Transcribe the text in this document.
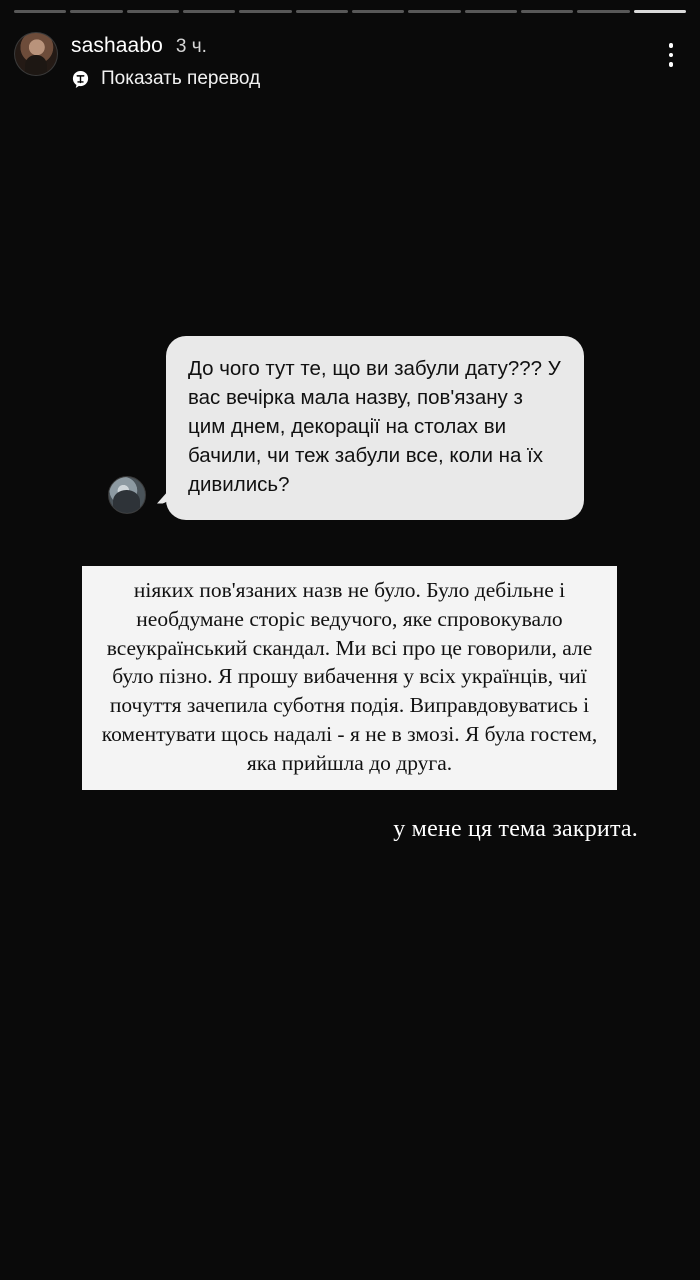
sashaabo 3 ч.
Показать перевод
До чого тут те, що ви забули дату??? У вас вечірка мала назву, пов'язану з цим днем, декорації на столах ви бачили, чи теж забули все, коли на їх дивились?
ніяких пов'язаних назв не було. Було дебільне і необдумане сторіс ведучого, яке спровокувало всеукраїнський скандал. Ми всі про це говорили, але було пізно. Я прошу вибачення у всіх українців, чиї почуття зачепила суботня подія. Виправдовуватись і коментувати щось надалі - я не в змозі. Я була гостем, яка прийшла до друга.
у мене ця тема закрита.
